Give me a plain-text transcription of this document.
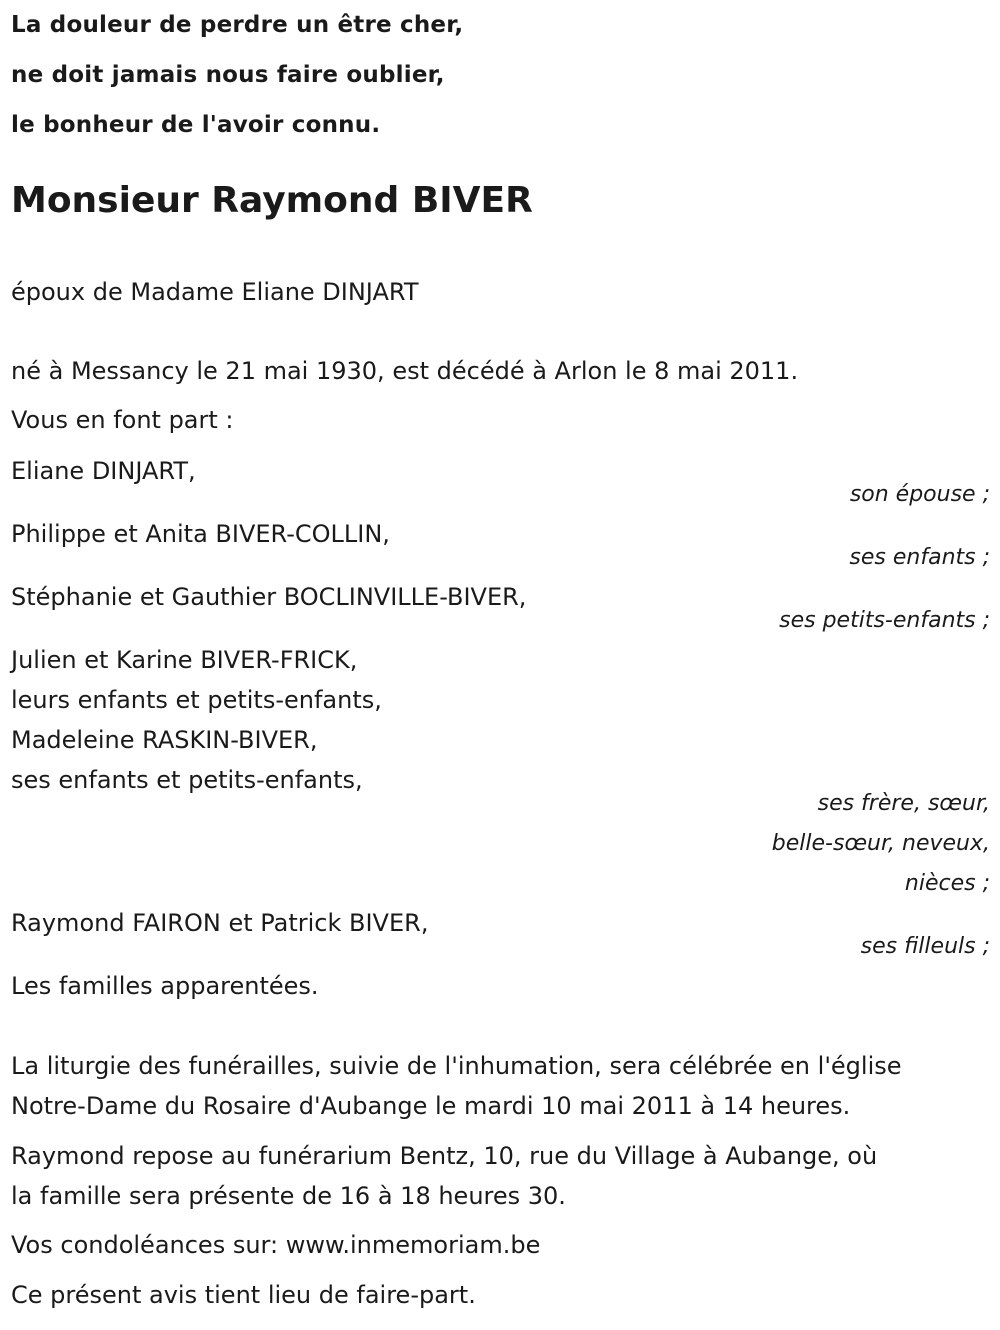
La douleur de perdre un être cher,
ne doit jamais nous faire oublier,
le bonheur de l'avoir connu.
Monsieur Raymond BIVER
époux de Madame Eliane DINJART
né à Messancy le 21 mai 1930, est décédé à Arlon le 8 mai 2011.
Vous en font part :
Eliane DINJART,
son épouse ;
Philippe et Anita BIVER-COLLIN,
ses enfants ;
Stéphanie et Gauthier BOCLINVILLE-BIVER,
ses petits-enfants ;
Julien et Karine BIVER-FRICK,
leurs enfants et petits-enfants,
Madeleine RASKIN-BIVER,
ses enfants et petits-enfants,
ses frère, sœur,
belle-sœur, neveux,
nièces ;
Raymond FAIRON et Patrick BIVER,
ses filleuls ;
Les familles apparentées.
La liturgie des funérailles, suivie de l'inhumation, sera célébrée en l'église
Notre-Dame du Rosaire d'Aubange le mardi 10 mai 2011 à 14 heures.
Raymond repose au funérarium Bentz, 10, rue du Village à Aubange, où
la famille sera présente de 16 à 18 heures 30.
Vos condoléances sur: www.inmemoriam.be
Ce présent avis tient lieu de faire-part.
